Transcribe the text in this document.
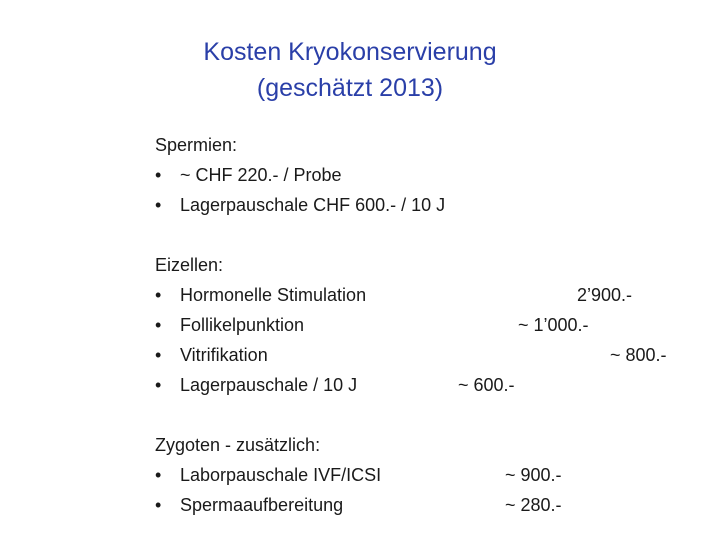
Kosten Kryokonservierung
(geschätzt 2013)
Spermien:
• ~ CHF 220.- / Probe
• Lagerpauschale CHF 600.- / 10 J
Eizellen:
• Hormonelle Stimulation	2’900.-
• Follikelpunktion	~ 1’000.-
• Vitrifikation	~ 800.-
• Lagerpauschale / 10 J	~ 600.-
Zygoten - zusätzlich:
• Laborpauschale IVF/ICSI	~ 900.-
• Spermaaufbereitung	~ 280.-
